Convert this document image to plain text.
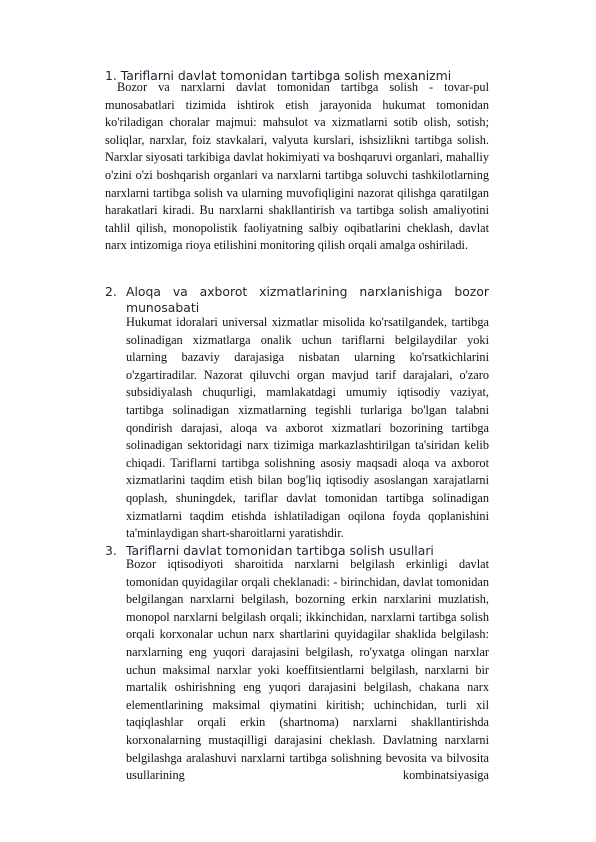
1. Tariflarni davlat tomonidan tartibga solish mexanizmi

Bozor va narxlarni davlat tomonidan tartibga solish - tovar-pul munosabatlari tizimida ishtirok etish jarayonida hukumat tomonidan ko'riladigan choralar majmui: mahsulot va xizmatlarni sotib olish, sotish; soliqlar, narxlar, foiz stavkalari, valyuta kurslari, ishsizlikni tartibga solish. Narxlar siyosati tarkibiga davlat hokimiyati va boshqaruvi organlari, mahalliy o'zini o'zi boshqarish organlari va narxlarni tartibga soluvchi tashkilotlarning narxlarni tartibga solish va ularning muvofiqligini nazorat qilishga qaratilgan harakatlari kiradi. Bu narxlarni shakllantirish va tartibga solish amaliyotini tahlil qilish, monopolistik faoliyatning salbiy oqibatlarini cheklash, davlat narx intizomiga rioya etilishini monitoring qilish orqali amalga oshiriladi.

2. Aloqa va axborot xizmatlarining narxlanishiga bozor
munosabati

Hukumat idoralari universal xizmatlar misolida ko'rsatilgandek, tartibga solinadigan xizmatlarga onalik uchun tariflarni belgilaydilar yoki ularning bazaviy darajasiga nisbatan ularning ko'rsatkichlarini o'zgartiradilar. Nazorat qiluvchi organ mavjud tarif darajalari, o'zaro subsidiyalash chuqurligi, mamlakatdagi umumiy iqtisodiy vaziyat, tartibga solinadigan xizmatlarning tegishli turlariga bo'lgan talabni qondirish darajasi, aloqa va axborot xizmatlari bozorining tartibga solinadigan sektoridagi narx tizimiga markazlashtirilgan ta'siridan kelib chiqadi. Tariflarni tartibga solishning asosiy maqsadi aloqa va axborot xizmatlarini taqdim etish bilan bog'liq iqtisodiy asoslangan xarajatlarni qoplash, shuningdek, tariflar davlat tomonidan tartibga solinadigan xizmatlarni taqdim etishda ishlatiladigan oqilona foyda qoplanishini ta'minlaydigan shart-sharoitlarni yaratishdir.

3. Tariflarni davlat tomonidan tartibga solish usullari

Bozor iqtisodiyoti sharoitida narxlarni belgilash erkinligi davlat tomonidan quyidagilar orqali cheklanadi: - birinchidan, davlat tomonidan belgilangan narxlarni belgilash, bozorning erkin narxlarini muzlatish, monopol narxlarni belgilash orqali; ikkinchidan, narxlarni tartibga solish orqali korxonalar uchun narx shartlarini quyidagilar shaklida belgilash: narxlarning eng yuqori darajasini belgilash, ro'yxatga olingan narxlar uchun maksimal narxlar yoki koeffitsientlarni belgilash, narxlarni bir martalik oshirishning eng yuqori darajasini belgilash, chakana narx elementlarining maksimal qiymatini kiritish; uchinchidan, turli xil taqiqlashlar orqali erkin (shartnoma) narxlarni shakllantirishda korxonalarning mustaqilligi darajasini cheklash. Davlatning narxlarni belgilashga aralashuvi narxlarni tartibga solishning bevosita va bilvosita usullarining kombinatsiyasiga
